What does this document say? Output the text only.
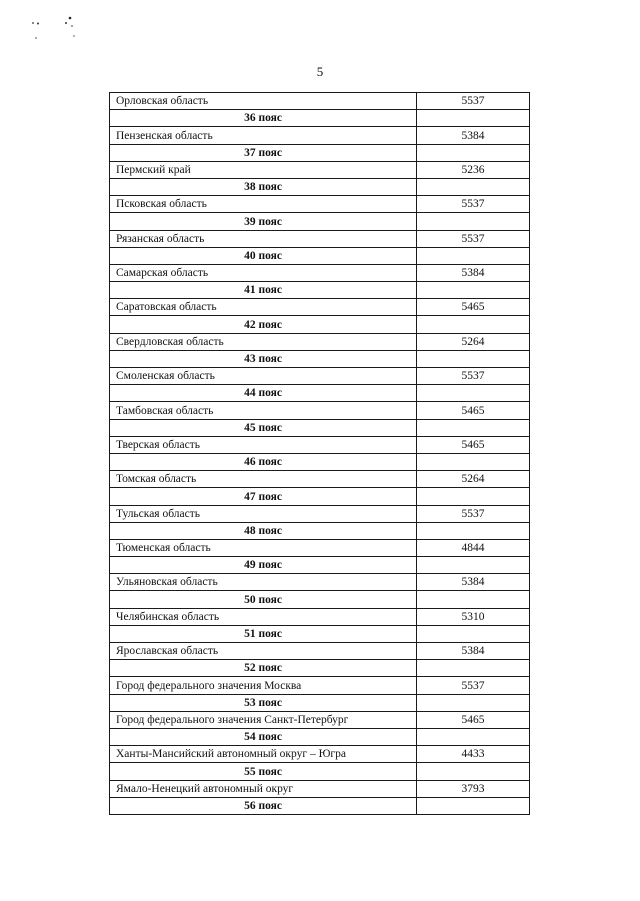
5
Орловская область	5537
36 пояс	
Пензенская область	5384
37 пояс	
Пермский край	5236
38 пояс	
Псковская область	5537
39 пояс	
Рязанская область	5537
40 пояс	
Самарская область	5384
41 пояс	
Саратовская область	5465
42 пояс	
Свердловская область	5264
43 пояс	
Смоленская область	5537
44 пояс	
Тамбовская область	5465
45 пояс	
Тверская область	5465
46 пояс	
Томская область	5264
47 пояс	
Тульская область	5537
48 пояс	
Тюменская область	4844
49 пояс	
Ульяновская область	5384
50 пояс	
Челябинская область	5310
51 пояс	
Ярославская область	5384
52 пояс	
Город федерального значения Москва	5537
53 пояс	
Город федерального значения Санкт-Петербург	5465
54 пояс	
Ханты-Мансийский автономный округ – Югра	4433
55 пояс	
Ямало-Ненецкий автономный округ	3793
56 пояс	
